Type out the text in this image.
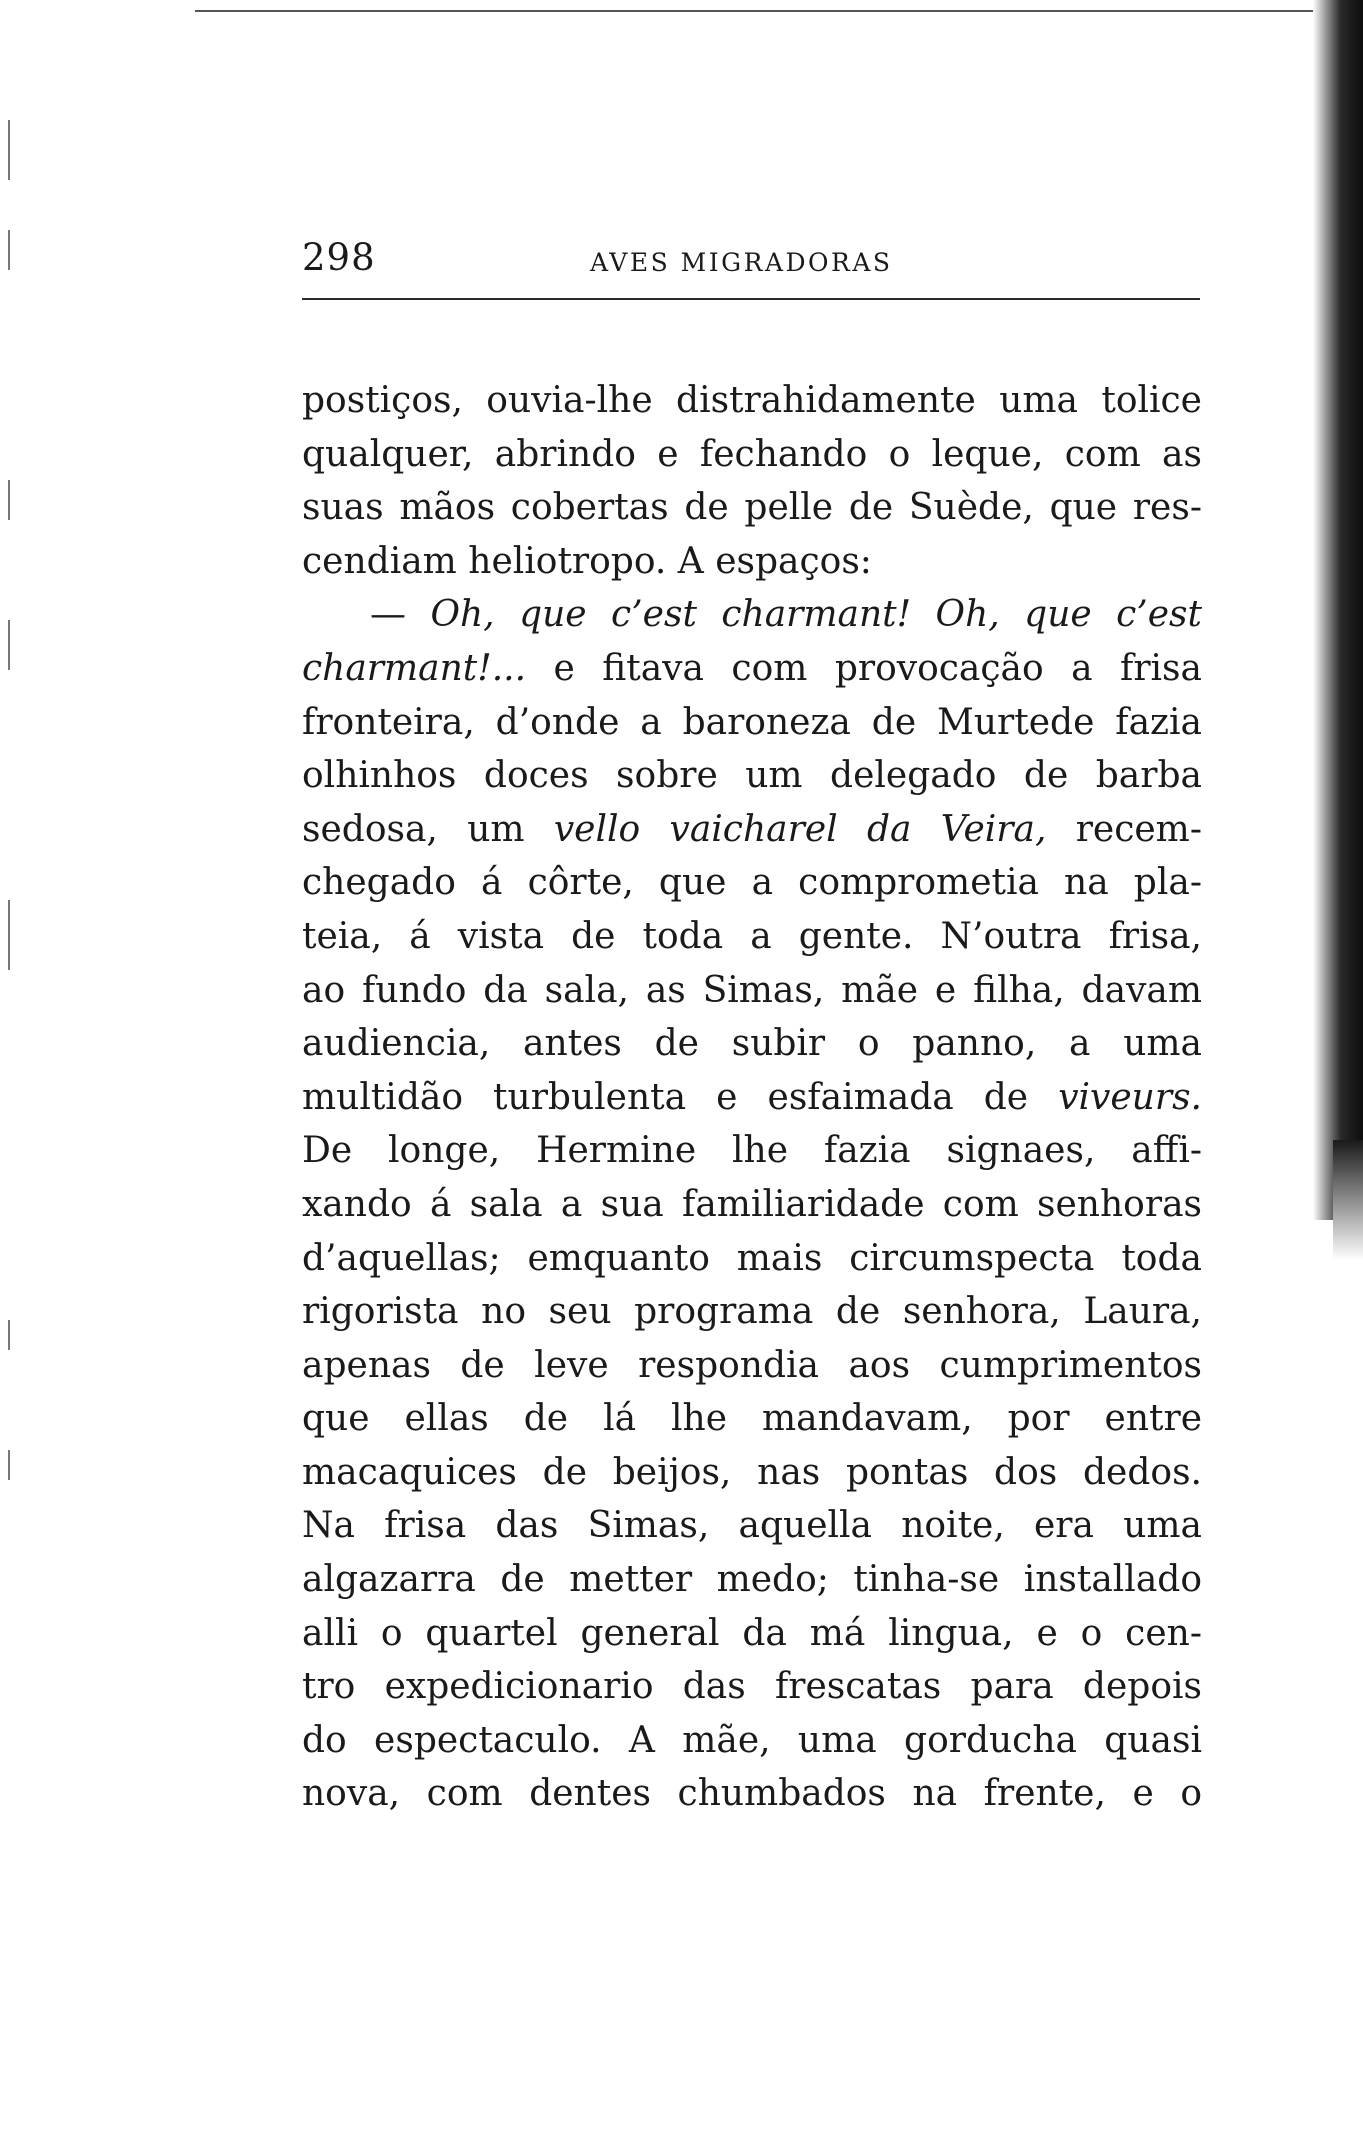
298	AVES MIGRADORAS
postiços, ouvia-lhe distrahidamente uma tolice
qualquer, abrindo e fechando o leque, com as
suas mãos cobertas de pelle de Suède, que res-
cendiam heliotropo. A espaços:
— Oh, que c’est charmant! Oh, que c’est
charmant!... e fitava com provocação a frisa
fronteira, d’onde a baroneza de Murtede fazia
olhinhos doces sobre um delegado de barba
sedosa, um vello vaicharel da Veira, recem-
chegado á côrte, que a comprometia na pla-
teia, á vista de toda a gente. N’outra frisa,
ao fundo da sala, as Simas, mãe e filha, davam
audiencia, antes de subir o panno, a uma
multidão turbulenta e esfaimada de viveurs.
De longe, Hermine lhe fazia signaes, affi-
xando á sala a sua familiaridade com senhoras
d’aquellas; emquanto mais circumspecta toda
rigorista no seu programa de senhora, Laura,
apenas de leve respondia aos cumprimentos
que ellas de lá lhe mandavam, por entre
macaquices de beijos, nas pontas dos dedos.
Na frisa das Simas, aquella noite, era uma
algazarra de metter medo; tinha-se installado
alli o quartel general da má lingua, e o cen-
tro expedicionario das frescatas para depois
do espectaculo. A mãe, uma gorducha quasi
nova, com dentes chumbados na frente, e o
